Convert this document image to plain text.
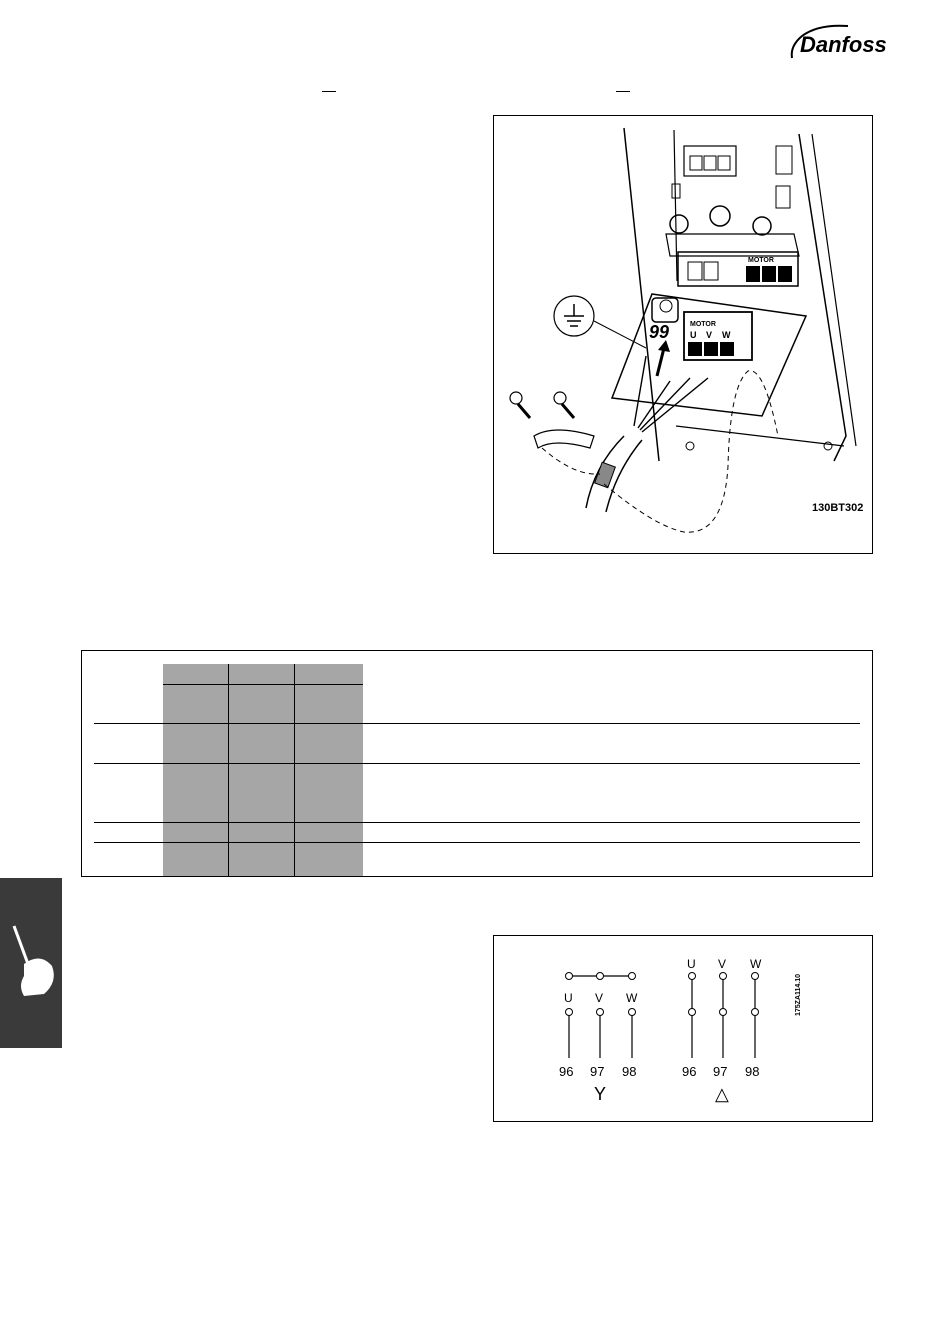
Danfoss
MOTOR
99	MOTOR
U V W
130BT302
U V W
96 97 98
Y
U V W
96 97 98
△
175ZA114.10
